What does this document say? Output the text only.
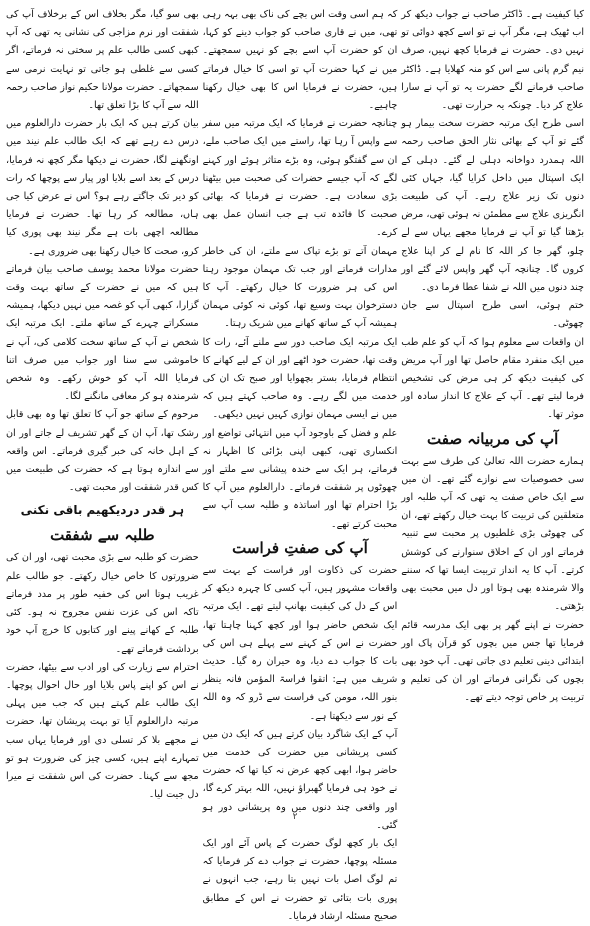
کیا کیفیت ہے۔ ڈاکٹر صاحب نے جواب دیکھ کر اب ٹھیک ہے، مگر آپ نے تو اسے کچھ دوائی تو نہیں دی۔ حضرت نے فرمایا کچھ نہیں، صرف نیم گرم پانی سے اس کو منہ کھلایا ہے۔ ڈاکٹر صاحب فرمانے لگے حضرت یہ تو آپ نے سارا علاج کر دیا۔ چونکہ یہ حرارت تھی۔

اسی طرح ایک مرتبہ حضرت سخت بیمار ہو گئے تو آپ کے بھائی نثار الحق صاحب رحمہ اللہ ہمدرد دواخانہ دہلی لے گئے۔ دہلی کے ایک اسپتال میں داخل کرایا گیا، جہاں کئی دنوں تک زیر علاج رہے۔ آپ کی طبیعت انگریزی علاج سے مطمئن نہ ہوئی تھی، مرض بڑھتا گیا تو آپ نے فرمایا مجھے یہاں سے لے چلو، گھر جا کر اللہ کا نام لے کر اپنا علاج کروں گا۔ چنانچہ آپ گھر واپس لائے گئے اور چند دنوں میں اللہ نے شفا عطا فرما دی۔

ختم ہوئی، اسی طرح اسپتال سے جان چھوٹی۔

ان واقعات سے معلوم ہوا کہ آپ کو علم طب میں ایک منفرد مقام حاصل تھا اور آپ مریض کی کیفیت دیکھ کر ہی مرض کی تشخیص فرما لیتے تھے۔ آپ کے علاج کا انداز سادہ اور موثر تھا۔

آپ کی مربیانہ صفت

ہمارے حضرت اللہ تعالیٰ کی طرف سے بہت سی خصوصیات سے نوازے گئے تھے۔ ان میں سے ایک خاص صفت یہ تھی کہ آپ طلبہ اور متعلقین کی تربیت کا بہت خیال رکھتے تھے، ان کی چھوٹی بڑی غلطیوں پر محبت سے تنبیہ فرماتے اور ان کے اخلاق سنوارنے کی کوشش کرتے۔ آپ کا یہ انداز تربیت ایسا تھا کہ سننے والا شرمندہ بھی ہوتا اور دل میں محبت بھی بڑھتی۔

حضرت نے اپنے گھر پر بھی ایک مدرسہ قائم فرمایا تھا جس میں بچوں کو قرآن پاک اور ابتدائی دینی تعلیم دی جاتی تھی۔ آپ خود بھی بچوں کی نگرانی فرماتے اور ان کی تعلیم و تربیت پر خاص توجہ دیتے تھے۔

کہ ہم اسی وقت اس بچے کی ناک بھی بہہ رہی تھی، میں نے قاری صاحب کو جواب دینے کو کہا، ان کو حضرت آپ اسے بچے کو نہیں سمجھتے۔ میں نے کہا حضرت آپ تو اسی کا خیال فرماتے ہیں، حضرت نے فرمایا اس کا بھی خیال رکھنا چاہیے۔

چنانچہ حضرت نے فرمایا کہ ایک مرتبہ میں سفر سے واپس آ رہا تھا، راستے میں ایک صاحب ملے، ان سے گفتگو ہوئی، وہ بڑے متاثر ہوئے اور کہنے لگے کہ آپ جیسے حضرات کی صحبت میں بیٹھنا بڑی سعادت ہے۔ حضرت نے فرمایا کہ بھائی صحبت کا فائدہ تب ہے جب انسان عمل بھی کرے۔

مہمان آتے تو بڑے تپاک سے ملتے، ان کی خاطر مدارات فرماتے اور جب تک مہمان موجود رہتا اس کی ہر ضرورت کا خیال رکھتے۔ آپ کا دسترخوان بہت وسیع تھا، کوئی نہ کوئی مہمان ہمیشہ آپ کے ساتھ کھانے میں شریک رہتا۔

ایک مرتبہ ایک صاحب دور سے ملنے آئے، رات کا وقت تھا، حضرت خود اٹھے اور ان کے لیے کھانے کا انتظام فرمایا، بستر بچھوایا اور صبح تک ان کی خدمت میں لگے رہے۔ وہ صاحب کہتے ہیں کہ میں نے ایسی مہمان نوازی کہیں نہیں دیکھی۔

علم و فضل کے باوجود آپ میں انتہائی تواضع اور انکساری تھی، کبھی اپنی بڑائی کا اظہار نہ فرماتے، ہر ایک سے خندہ پیشانی سے ملتے اور چھوٹوں پر شفقت فرماتے۔ دارالعلوم میں آپ کا بڑا احترام تھا اور اساتذہ و طلبہ سب آپ سے محبت کرتے تھے۔

آپ کی صفتِ فراست

حضرت کی ذکاوت اور فراست کے بہت سے واقعات مشہور ہیں، آپ کسی کا چہرہ دیکھ کر اس کے دل کی کیفیت بھانپ لیتے تھے۔ ایک مرتبہ ایک شخص حاضر ہوا اور کچھ کہنا چاہتا تھا، حضرت نے اس کے کہنے سے پہلے ہی اس کی بات کا جواب دے دیا، وہ حیران رہ گیا۔ حدیث شریف میں ہے: اتقوا فراسۃ المؤمن فانہ ینظر بنور اللہ، مومن کی فراست سے ڈرو کہ وہ اللہ کے نور سے دیکھتا ہے۔

آپ کے ایک شاگرد بیان کرتے ہیں کہ ایک دن میں کسی پریشانی میں حضرت کی خدمت میں حاضر ہوا، ابھی کچھ عرض نہ کیا تھا کہ حضرت نے خود ہی فرمایا گھبراؤ نہیں، اللہ بہتر کرے گا، اور واقعی چند دنوں میں وہ پریشانی دور ہو گئی۔

ایک بار کچھ لوگ حضرت کے پاس آئے اور ایک مسئلہ پوچھا، حضرت نے جواب دے کر فرمایا کہ تم لوگ اصل بات نہیں بتا رہے، جب انہوں نے پوری بات بتائی تو حضرت نے اس کے مطابق صحیح مسئلہ ارشاد فرمایا۔

بھی سو گیا، مگر بخلاف اس کے برخلاف آپ کی شفقت اور نرم مزاجی کی نشانی یہ تھی کہ آپ کبھی کسی طالب علم پر سختی نہ فرماتے، اگر کسی سے غلطی ہو جاتی تو نہایت نرمی سے سمجھاتے۔ حضرت مولانا حکیم نواز صاحب رحمہ اللہ سے آپ کا بڑا تعلق تھا۔

بیان کرتے ہیں کہ ایک بار حضرت دارالعلوم میں درس دے رہے تھے کہ ایک طالب علم نیند میں اونگھنے لگا، حضرت نے دیکھا مگر کچھ نہ فرمایا، درس کے بعد اسے بلایا اور پیار سے پوچھا کہ رات کو دیر تک جاگتے رہے ہو؟ اس نے عرض کیا جی ہاں، مطالعہ کر رہا تھا۔ حضرت نے فرمایا مطالعہ اچھی بات ہے مگر نیند بھی پوری کیا کرو، صحت کا خیال رکھنا بھی ضروری ہے۔

حضرت مولانا محمد یوسف صاحب بیان فرماتے ہیں کہ میں نے حضرت کے ساتھ بہت وقت گزارا، کبھی آپ کو غصہ میں نہیں دیکھا، ہمیشہ مسکراتے چہرے کے ساتھ ملتے۔ ایک مرتبہ ایک شخص نے آپ کے ساتھ سخت کلامی کی، آپ نے خاموشی سے سنا اور جواب میں صرف اتنا فرمایا اللہ آپ کو خوش رکھے۔ وہ شخص شرمندہ ہو کر معافی مانگنے لگا۔

مرحوم کے ساتھ جو آپ کا تعلق تھا وہ بھی قابل رشک تھا، آپ ان کے گھر تشریف لے جاتے اور ان کے اہل خانہ کی خبر گیری فرماتے۔ اس واقعہ سے اندازہ ہوتا ہے کہ حضرت کی طبیعت میں کس قدر شفقت اور محبت تھی۔

ہر قدر دردیکھیم باقی نکنی
طلبہ سے شفقت

حضرت کو طلبہ سے بڑی محبت تھی، اور ان کی ضرورتوں کا خاص خیال رکھتے۔ جو طالب علم غریب ہوتا اس کی خفیہ طور پر مدد فرماتے تاکہ اس کی عزت نفس مجروح نہ ہو۔ کئی طلبہ کے کھانے پینے اور کتابوں کا خرچ آپ خود برداشت فرماتے تھے۔

احترام سے زیارت کی اور ادب سے بیٹھا، حضرت نے اس کو اپنے پاس بلایا اور حال احوال پوچھا۔ ایک طالب علم کہتے ہیں کہ جب میں پہلی مرتبہ دارالعلوم آیا تو بہت پریشان تھا، حضرت نے مجھے بلا کر تسلی دی اور فرمایا یہاں سب تمہارے اپنے ہیں، کسی چیز کی ضرورت ہو تو مجھ سے کہنا۔ حضرت کی اس شفقت نے میرا دل جیت لیا۔

۲
